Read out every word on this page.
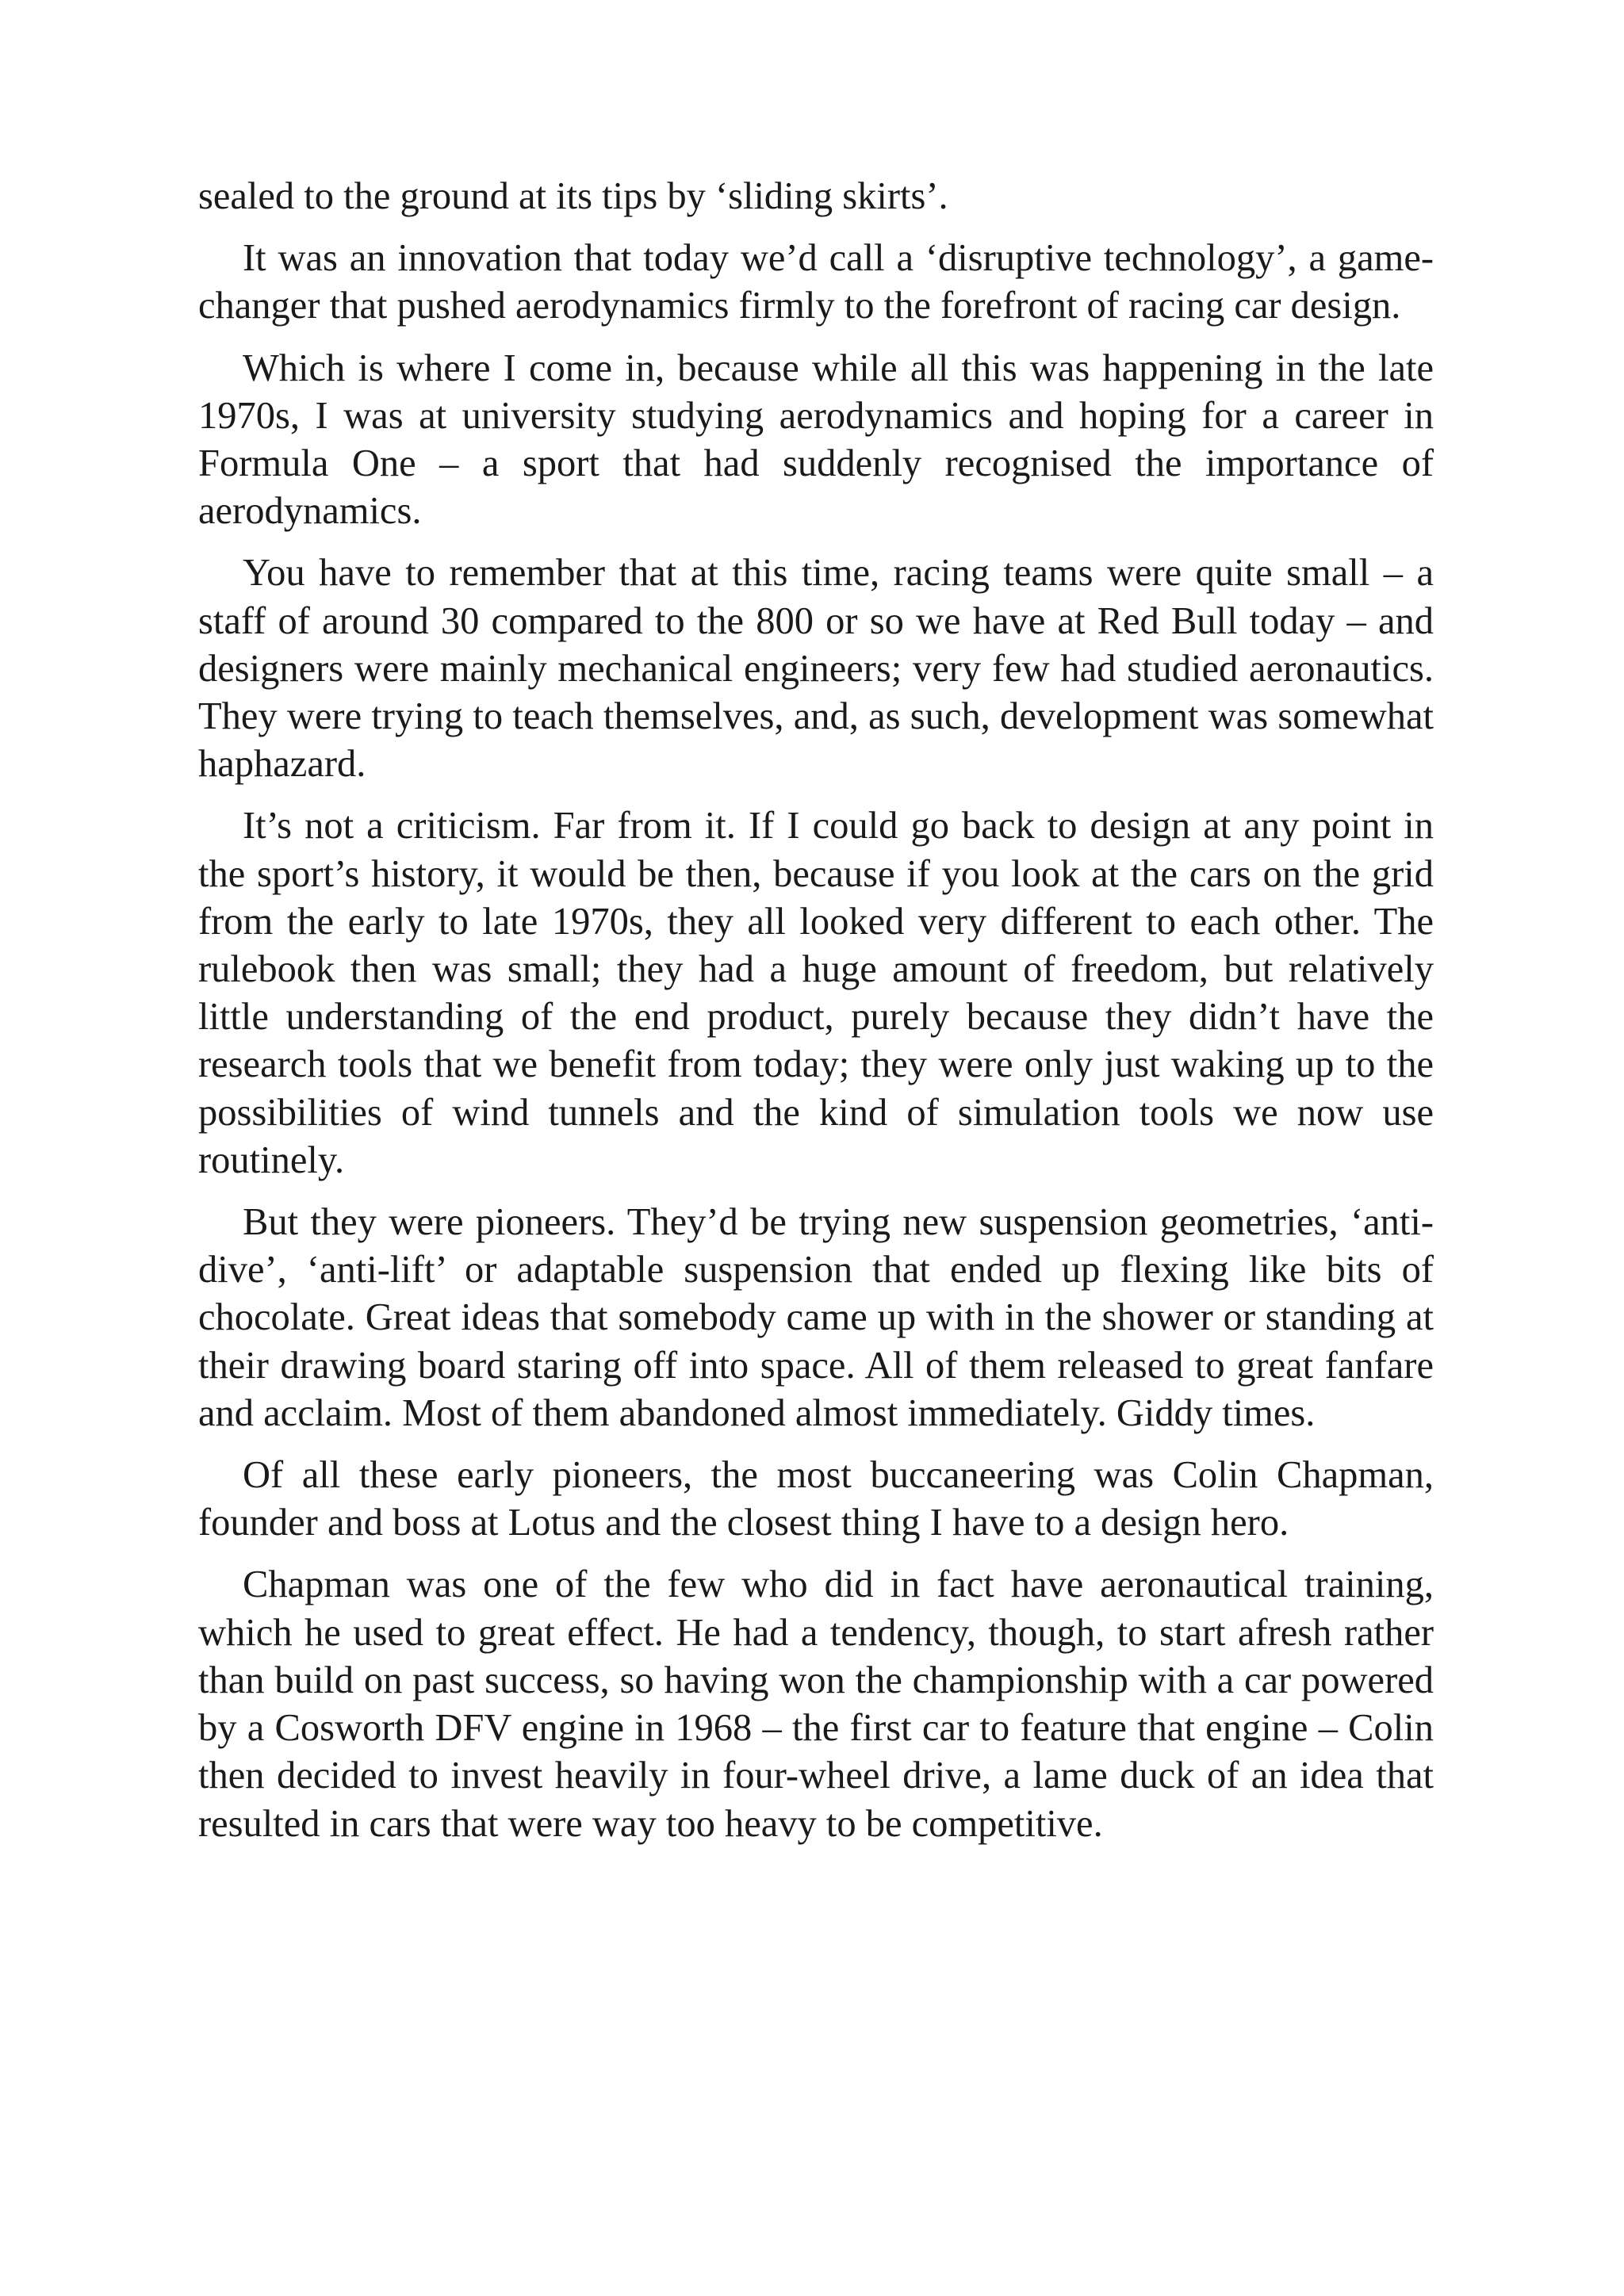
sealed to the ground at its tips by ‘sliding skirts’.

It was an innovation that today we’d call a ‘disruptive technology’, a game-changer that pushed aerodynamics firmly to the forefront of racing car design.

Which is where I come in, because while all this was happening in the late 1970s, I was at university studying aerodynamics and hoping for a career in Formula One – a sport that had suddenly recognised the importance of aerodynamics.

You have to remember that at this time, racing teams were quite small – a staff of around 30 compared to the 800 or so we have at Red Bull today – and designers were mainly mechanical engineers; very few had studied aeronautics. They were trying to teach themselves, and, as such, development was somewhat haphazard.

It’s not a criticism. Far from it. If I could go back to design at any point in the sport’s history, it would be then, because if you look at the cars on the grid from the early to late 1970s, they all looked very different to each other. The rulebook then was small; they had a huge amount of freedom, but relatively little understanding of the end product, purely because they didn’t have the research tools that we benefit from today; they were only just waking up to the possibilities of wind tunnels and the kind of simulation tools we now use routinely.

But they were pioneers. They’d be trying new suspension geometries, ‘anti-dive’, ‘anti-lift’ or adaptable suspension that ended up flexing like bits of chocolate. Great ideas that somebody came up with in the shower or standing at their drawing board staring off into space. All of them released to great fanfare and acclaim. Most of them abandoned almost immediately. Giddy times.

Of all these early pioneers, the most buccaneering was Colin Chapman, founder and boss at Lotus and the closest thing I have to a design hero.

Chapman was one of the few who did in fact have aeronautical training, which he used to great effect. He had a tendency, though, to start afresh rather than build on past success, so having won the championship with a car powered by a Cosworth DFV engine in 1968 – the first car to feature that engine – Colin then decided to invest heavily in four-wheel drive, a lame duck of an idea that resulted in cars that were way too heavy to be competitive.
